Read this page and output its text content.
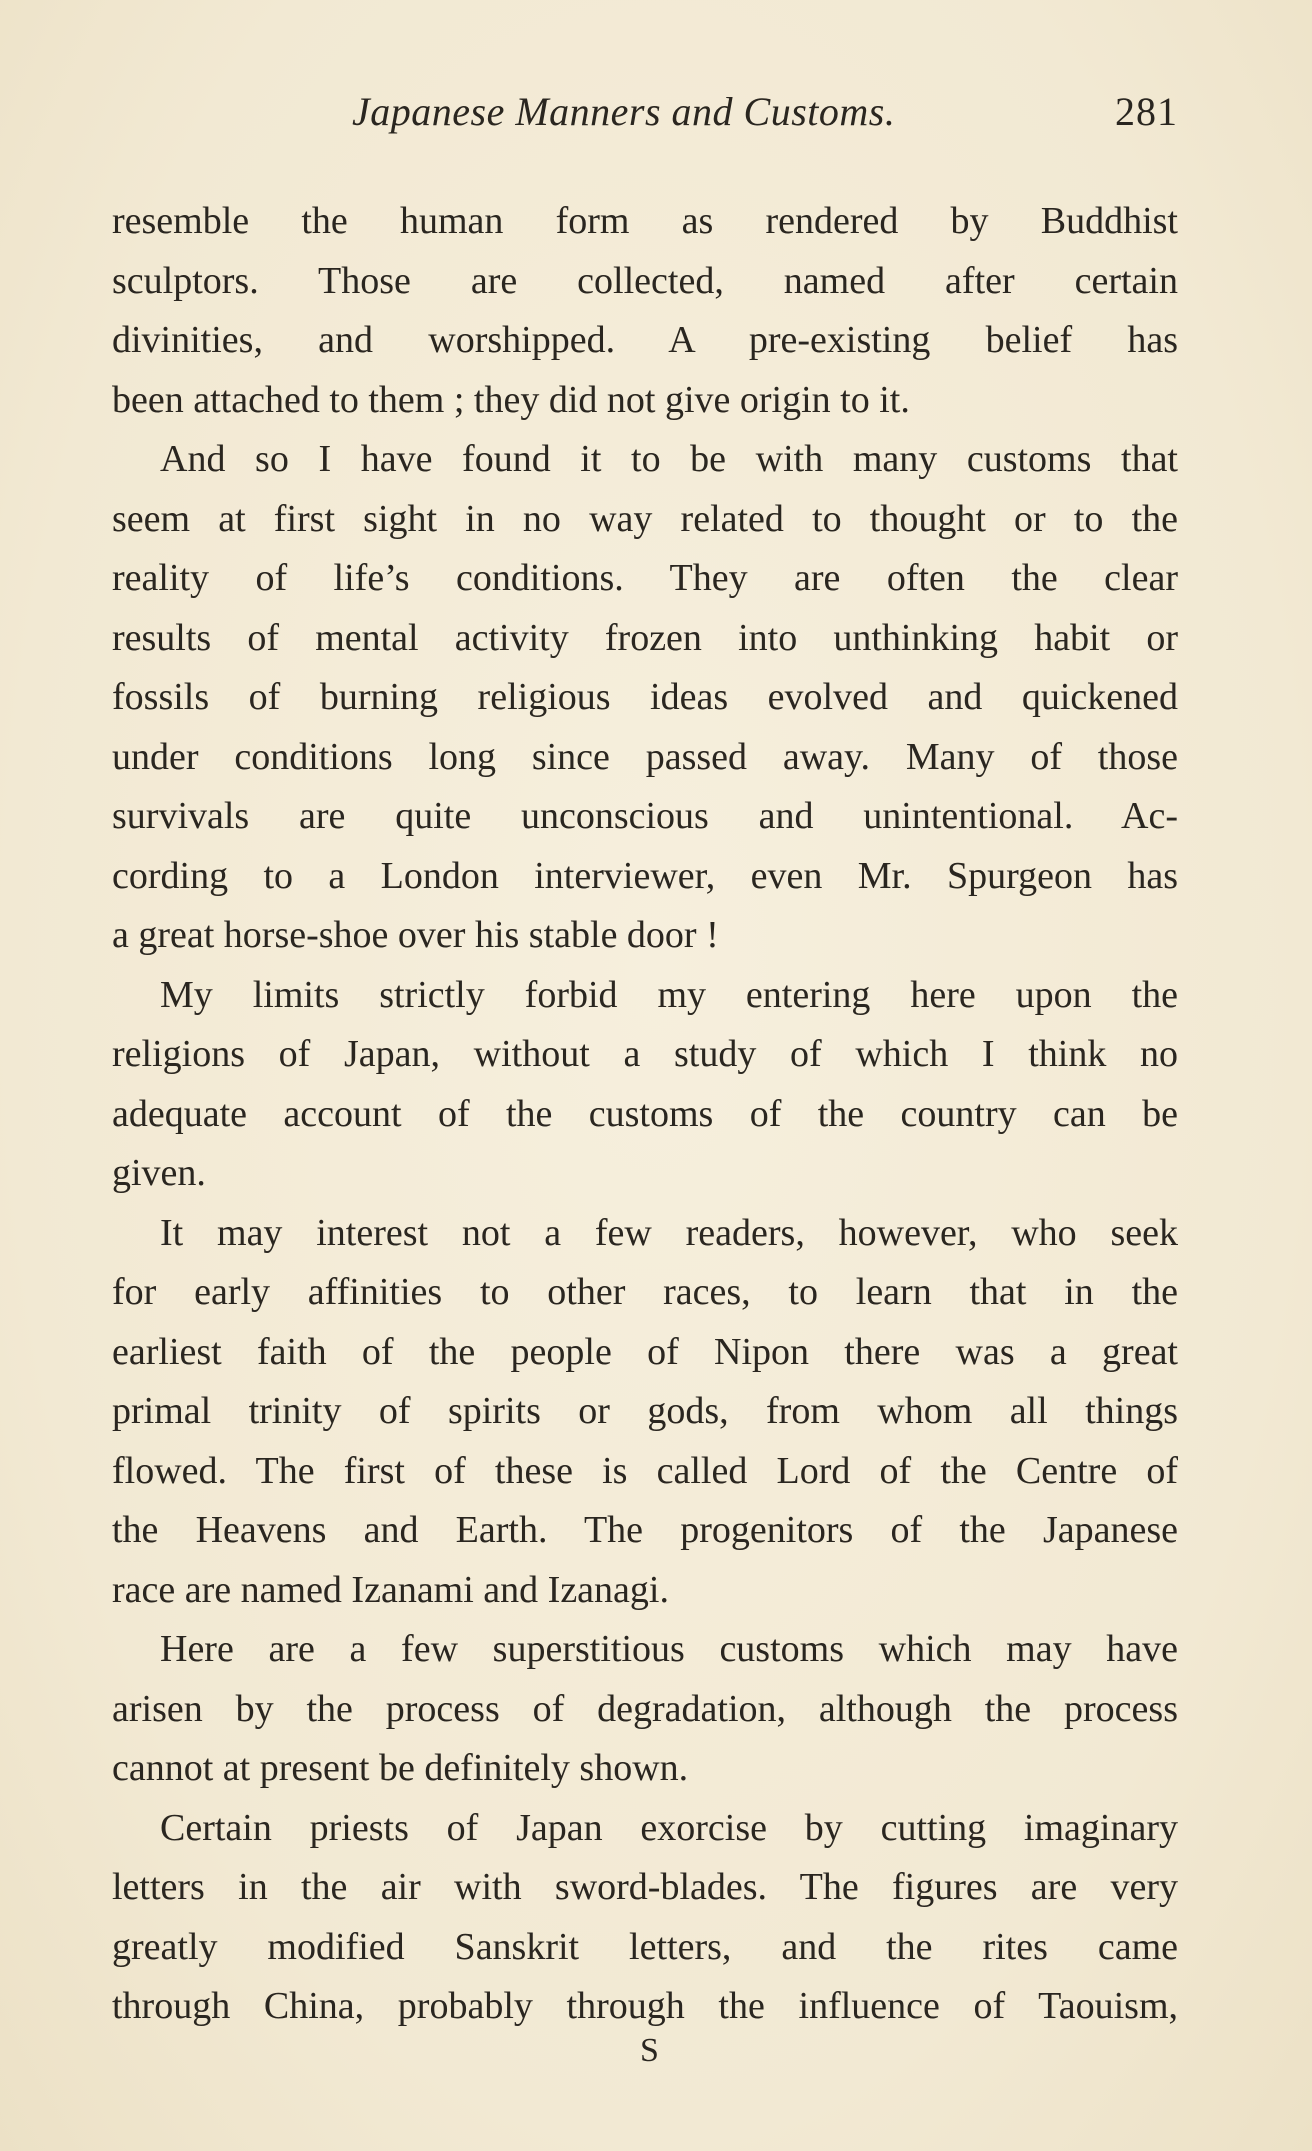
Japanese Manners and Customs.	281
resemble the human form as rendered by Buddhist
sculptors. Those are collected, named after certain
divinities, and worshipped. A pre-existing belief has
been attached to them ; they did not give origin to it.
And so I have found it to be with many customs that
seem at first sight in no way related to thought or to the
reality of life’s conditions. They are often the clear
results of mental activity frozen into unthinking habit or
fossils of burning religious ideas evolved and quickened
under conditions long since passed away. Many of those
survivals are quite unconscious and unintentional. Ac-
cording to a London interviewer, even Mr. Spurgeon has
a great horse-shoe over his stable door !
My limits strictly forbid my entering here upon the
religions of Japan, without a study of which I think no
adequate account of the customs of the country can be
given.
It may interest not a few readers, however, who seek
for early affinities to other races, to learn that in the
earliest faith of the people of Nipon there was a great
primal trinity of spirits or gods, from whom all things
flowed. The first of these is called Lord of the Centre of
the Heavens and Earth. The progenitors of the Japanese
race are named Izanami and Izanagi.
Here are a few superstitious customs which may have
arisen by the process of degradation, although the process
cannot at present be definitely shown.
Certain priests of Japan exorcise by cutting imaginary
letters in the air with sword-blades. The figures are very
greatly modified Sanskrit letters, and the rites came
through China, probably through the influence of Taouism,
S
